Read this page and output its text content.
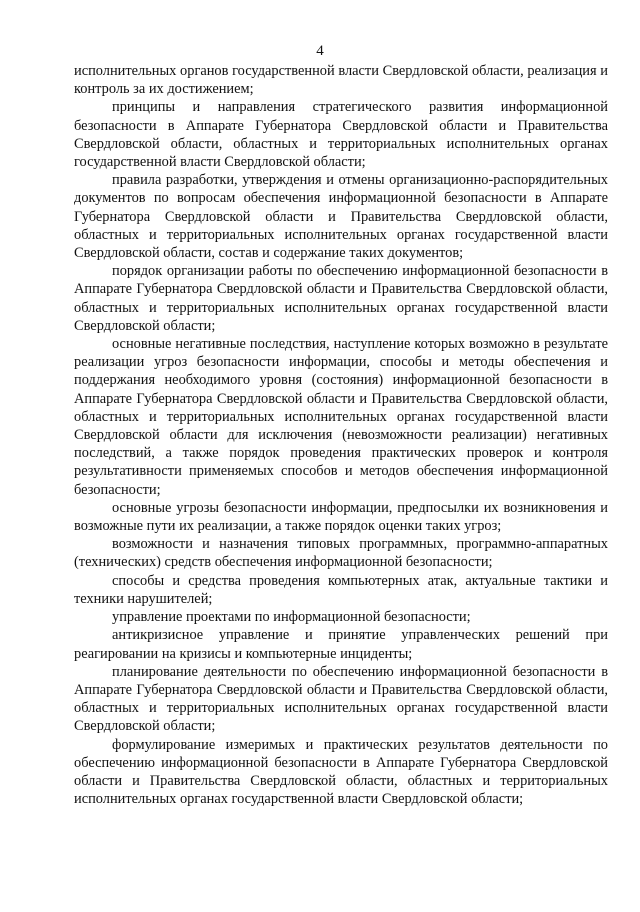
4

исполнительных органов государственной власти Свердловской области, реализация и контроль за их достижением;

принципы и направления стратегического развития информационной безопасности в Аппарате Губернатора Свердловской области и Правительства Свердловской области, областных и территориальных исполнительных органах государственной власти Свердловской области;

правила разработки, утверждения и отмены организационно-распорядительных документов по вопросам обеспечения информационной безопасности в Аппарате Губернатора Свердловской области и Правительства Свердловской области, областных и территориальных исполнительных органах государственной власти Свердловской области, состав и содержание таких документов;

порядок организации работы по обеспечению информационной безопасности в Аппарате Губернатора Свердловской области и Правительства Свердловской области, областных и территориальных исполнительных органах государственной власти Свердловской области;

основные негативные последствия, наступление которых возможно в результате реализации угроз безопасности информации, способы и методы обеспечения и поддержания необходимого уровня (состояния) информационной безопасности в Аппарате Губернатора Свердловской области и Правительства Свердловской области, областных и территориальных исполнительных органах государственной власти Свердловской области для исключения (невозможности реализации) негативных последствий, а также порядок проведения практических проверок и контроля результативности применяемых способов и методов обеспечения информационной безопасности;

основные угрозы безопасности информации, предпосылки их возникновения и возможные пути их реализации, а также порядок оценки таких угроз;

возможности и назначения типовых программных, программно-аппаратных (технических) средств обеспечения информационной безопасности;

способы и средства проведения компьютерных атак, актуальные тактики и техники нарушителей;

управление проектами по информационной безопасности;

антикризисное управление и принятие управленческих решений при реагировании на кризисы и компьютерные инциденты;

планирование деятельности по обеспечению информационной безопасности в Аппарате Губернатора Свердловской области и Правительства Свердловской области, областных и территориальных исполнительных органах государственной власти Свердловской области;

формулирование измеримых и практических результатов деятельности по обеспечению информационной безопасности в Аппарате Губернатора Свердловской области и Правительства Свердловской области, областных и территориальных исполнительных органах государственной власти Свердловской области;
